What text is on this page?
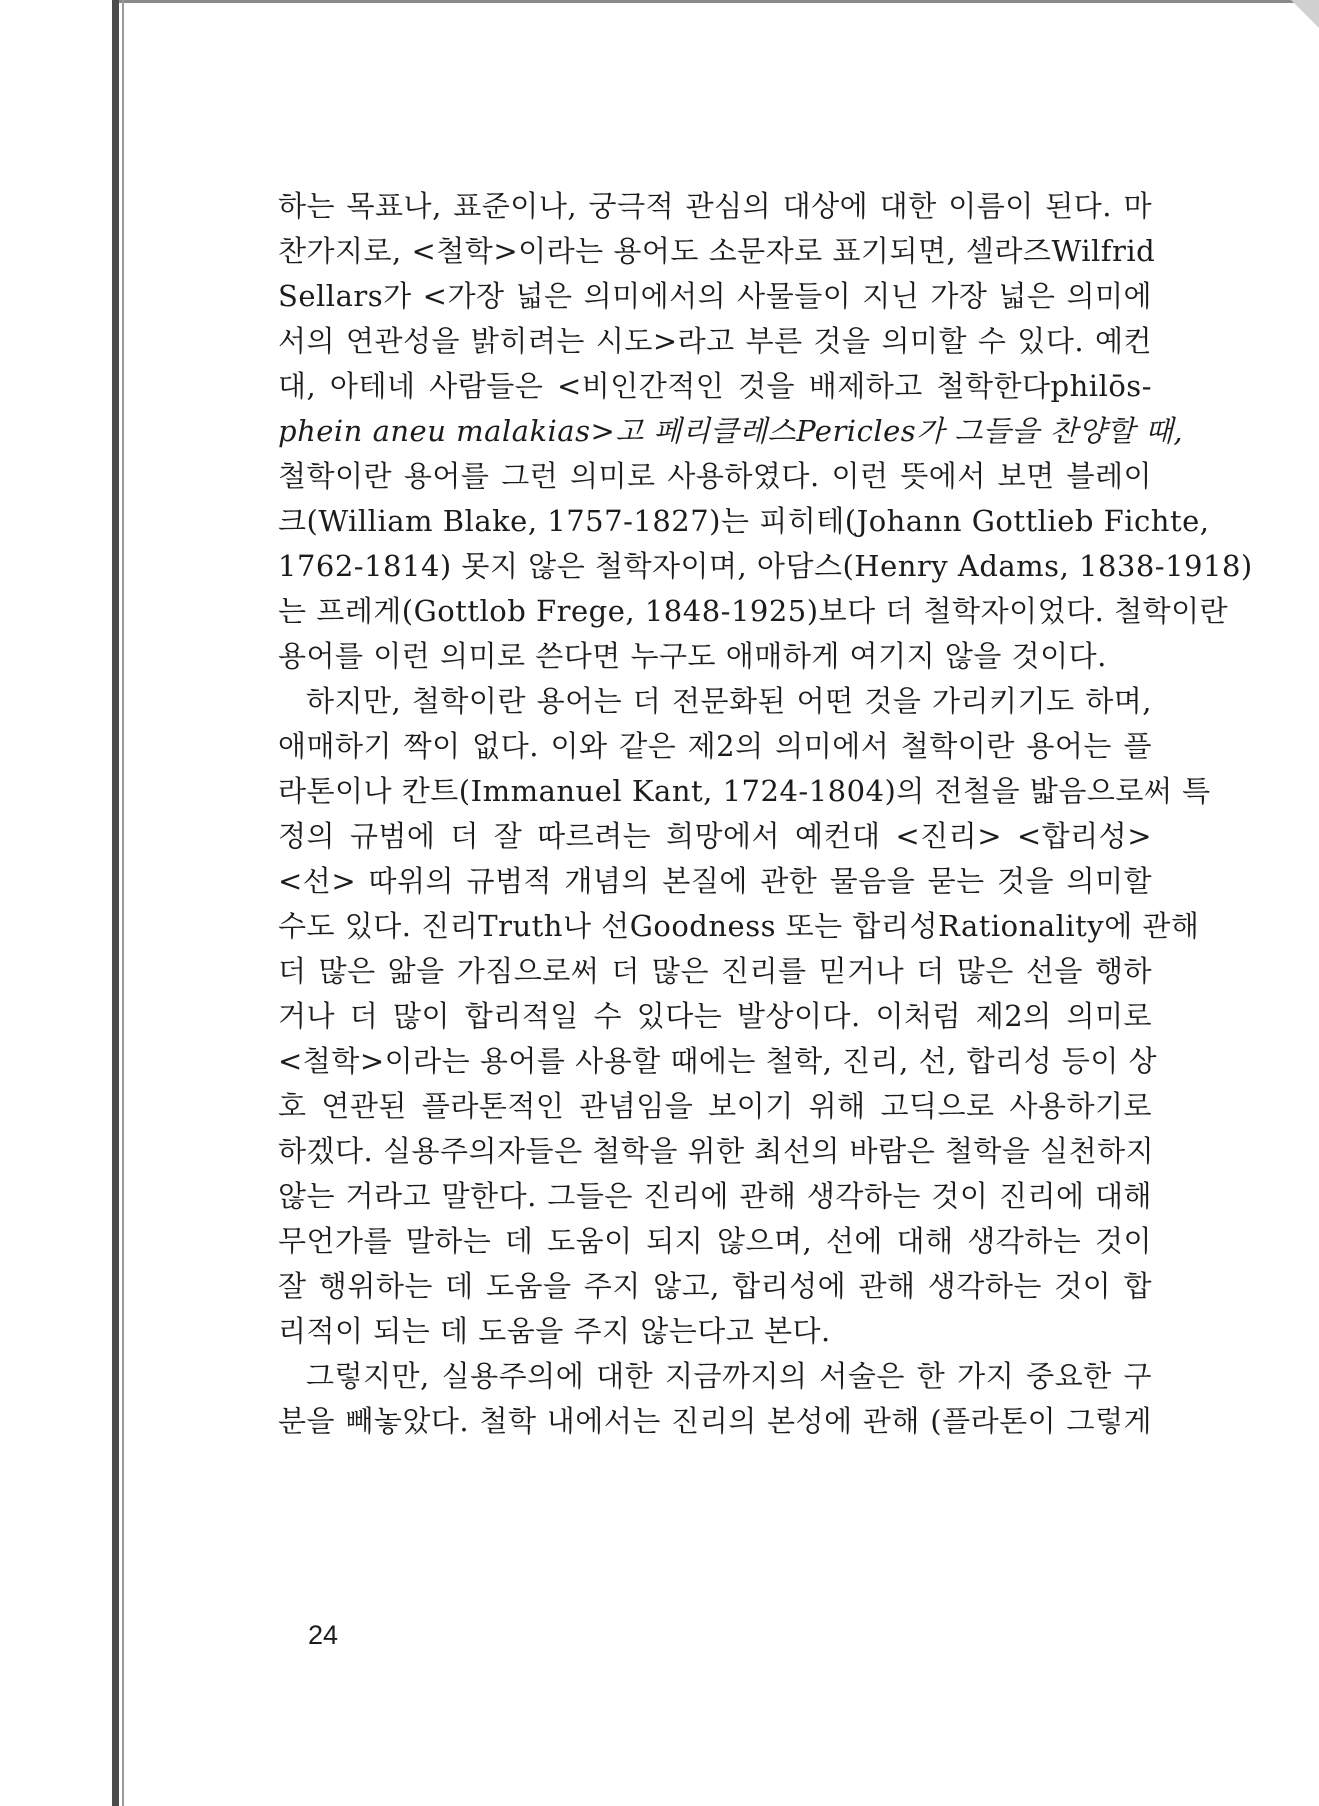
하는 목표나, 표준이나, 궁극적 관심의 대상에 대한 이름이 된다. 마
찬가지로, <철학>이라는 용어도 소문자로 표기되면, 셀라즈Wilfrid
Sellars가 <가장 넓은 의미에서의 사물들이 지닌 가장 넓은 의미에
서의 연관성을 밝히려는 시도>라고 부른 것을 의미할 수 있다. 예컨
대, 아테네 사람들은 <비인간적인 것을 배제하고 철학한다philōs-
phein aneu malakias>고 페리클레스Pericles가 그들을 찬양할 때,
철학이란 용어를 그런 의미로 사용하였다. 이런 뜻에서 보면 블레이
크(William Blake, 1757-1827)는 피히테(Johann Gottlieb Fichte,
1762-1814) 못지 않은 철학자이며, 아담스(Henry Adams, 1838-1918)
는 프레게(Gottlob Frege, 1848-1925)보다 더 철학자이었다. 철학이란
용어를 이런 의미로 쓴다면 누구도 애매하게 여기지 않을 것이다.
하지만, 철학이란 용어는 더 전문화된 어떤 것을 가리키기도 하며,
애매하기 짝이 없다. 이와 같은 제2의 의미에서 철학이란 용어는 플
라톤이나 칸트(Immanuel Kant, 1724-1804)의 전철을 밟음으로써 특
정의 규범에 더 잘 따르려는 희망에서 예컨대 <진리> <합리성>
<선> 따위의 규범적 개념의 본질에 관한 물음을 묻는 것을 의미할
수도 있다. 진리Truth나 선Goodness 또는 합리성Rationality에 관해
더 많은 앎을 가짐으로써 더 많은 진리를 믿거나 더 많은 선을 행하
거나 더 많이 합리적일 수 있다는 발상이다. 이처럼 제2의 의미로
<철학>이라는 용어를 사용할 때에는 철학, 진리, 선, 합리성 등이 상
호 연관된 플라톤적인 관념임을 보이기 위해 고딕으로 사용하기로
하겠다. 실용주의자들은 철학을 위한 최선의 바람은 철학을 실천하지
않는 거라고 말한다. 그들은 진리에 관해 생각하는 것이 진리에 대해
무언가를 말하는 데 도움이 되지 않으며, 선에 대해 생각하는 것이
잘 행위하는 데 도움을 주지 않고, 합리성에 관해 생각하는 것이 합
리적이 되는 데 도움을 주지 않는다고 본다.
그렇지만, 실용주의에 대한 지금까지의 서술은 한 가지 중요한 구
분을 빼놓았다. 철학 내에서는 진리의 본성에 관해 (플라톤이 그렇게
24
